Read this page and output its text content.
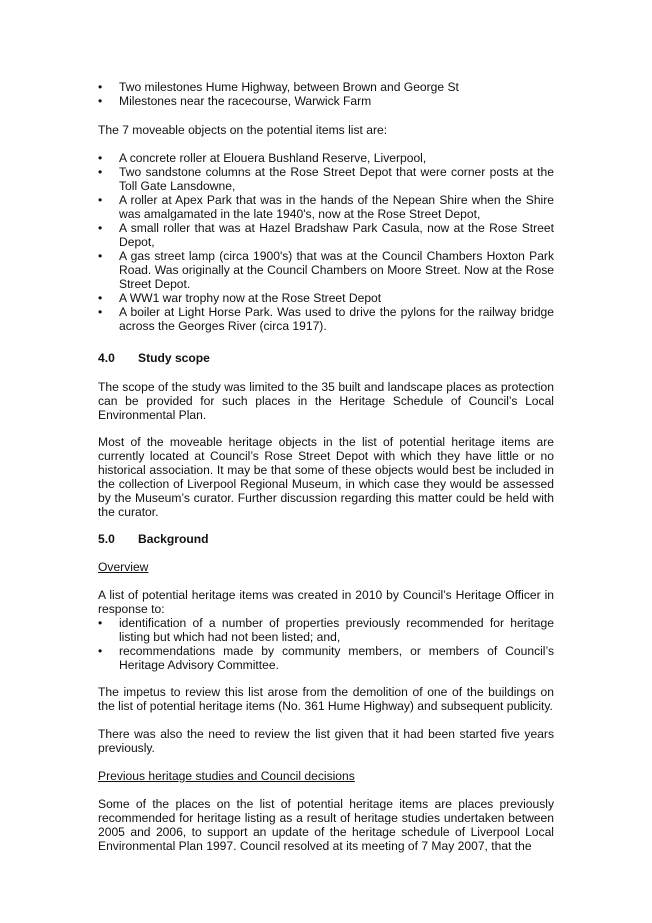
• Two milestones Hume Highway, between Brown and George St
• Milestones near the racecourse, Warwick Farm

The 7 moveable objects on the potential items list are:

• A concrete roller at Elouera Bushland Reserve, Liverpool,
• Two sandstone columns at the Rose Street Depot that were corner posts at the Toll Gate Lansdowne,
• A roller at Apex Park that was in the hands of the Nepean Shire when the Shire was amalgamated in the late 1940's, now at the Rose Street Depot,
• A small roller that was at Hazel Bradshaw Park Casula, now at the Rose Street Depot,
• A gas street lamp (circa 1900's) that was at the Council Chambers Hoxton Park Road. Was originally at the Council Chambers on Moore Street. Now at the Rose Street Depot.
• A WW1 war trophy now at the Rose Street Depot
• A boiler at Light Horse Park. Was used to drive the pylons for the railway bridge across the Georges River (circa 1917).
4.0 Study scope

The scope of the study was limited to the 35 built and landscape places as protection can be provided for such places in the Heritage Schedule of Council’s Local Environmental Plan.

Most of the moveable heritage objects in the list of potential heritage items are currently located at Council’s Rose Street Depot with which they have little or no historical association. It may be that some of these objects would best be included in the collection of Liverpool Regional Museum, in which case they would be assessed by the Museum’s curator. Further discussion regarding this matter could be held with the curator.

5.0 Background

Overview

A list of potential heritage items was created in 2010 by Council’s Heritage Officer in response to:

• identification of a number of properties previously recommended for heritage listing but which had not been listed; and,
• recommendations made by community members, or members of Council’s Heritage Advisory Committee.

The impetus to review this list arose from the demolition of one of the buildings on the list of potential heritage items (No. 361 Hume Highway) and subsequent publicity.

There was also the need to review the list given that it had been started five years previously.

Previous heritage studies and Council decisions

Some of the places on the list of potential heritage items are places previously recommended for heritage listing as a result of heritage studies undertaken between 2005 and 2006, to support an update of the heritage schedule of Liverpool Local Environmental Plan 1997. Council resolved at its meeting of 7 May 2007, that the
